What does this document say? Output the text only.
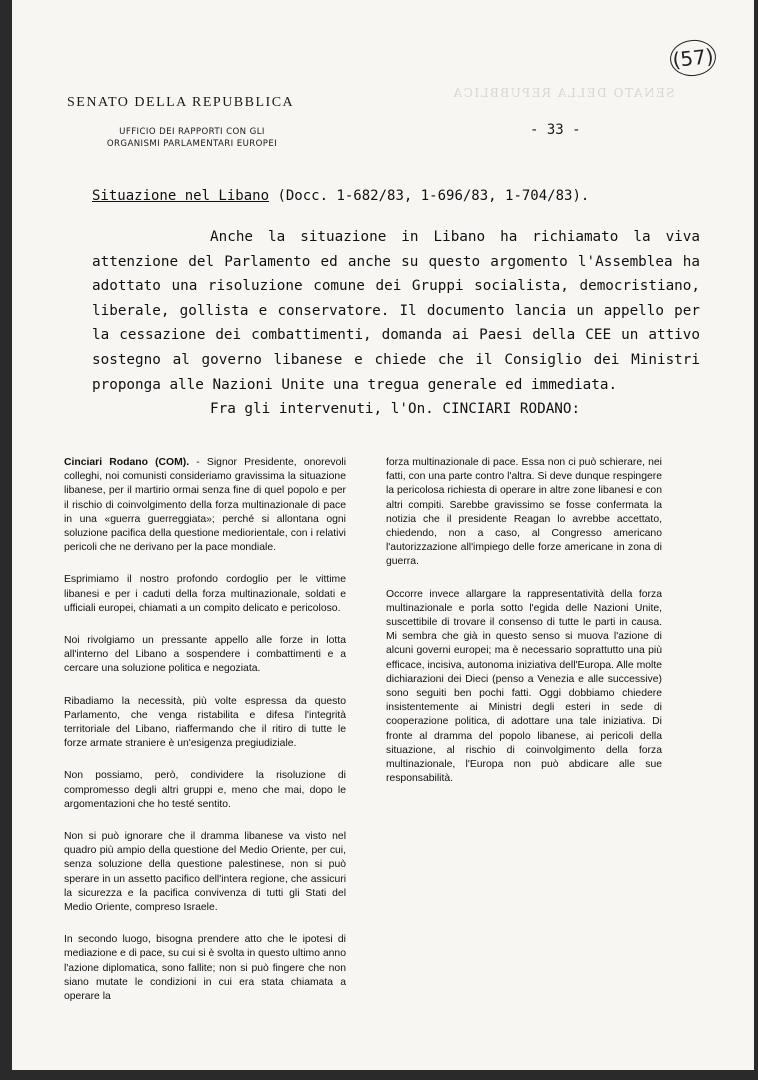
SENATO DELLA REPUBBLICA
(57)
SENATO DELLA REPUBBLICA
UFFICIO DEI RAPPORTI CON GLI
ORGANISMI PARLAMENTARI EUROPEI
- 33 -
Situazione nel Libano (Docc. 1-682/83, 1-696/83, 1-704/83).

Anche la situazione in Libano ha richiamato la viva attenzione del Parlamento ed anche su questo argomento l'Assemblea ha adottato una risoluzione comune dei Gruppi socialista, democristiano, liberale, gollista e conservatore. Il documento lancia un appello per la cessazione dei combattimenti, domanda ai Paesi della CEE un attivo sostegno al governo libanese e chiede che il Consiglio dei Ministri proponga alle Nazioni Unite una tregua generale ed immediata.

Fra gli intervenuti, l'On. CINCIARI RODANO:

Cinciari Rodano (COM). - Signor Presidente, onorevoli colleghi, noi comunisti consideriamo gravissima la situazione libanese, per il martirio ormai senza fine di quel popolo e per il rischio di coinvolgimento della forza multinazionale di pace in una «guerra guerreggiata»; perché si allontana ogni soluzione pacifica della questione mediorientale, con i relativi pericoli che ne derivano per la pace mondiale.

Esprimiamo il nostro profondo cordoglio per le vittime libanesi e per i caduti della forza multinazionale, soldati e ufficiali europei, chiamati a un compito delicato e pericoloso.

Noi rivolgiamo un pressante appello alle forze in lotta all'interno del Libano a sospendere i combattimenti e a cercare una soluzione politica e negoziata.

Ribadiamo la necessità, più volte espressa da questo Parlamento, che venga ristabilita e difesa l'integrità territoriale del Libano, riaffermando che il ritiro di tutte le forze armate straniere è un'esigenza pregiudiziale.

Non possiamo, però, condividere la risoluzione di compromesso degli altri gruppi e, meno che mai, dopo le argomentazioni che ho testé sentito.

Non si può ignorare che il dramma libanese va visto nel quadro più ampio della questione del Medio Oriente, per cui, senza soluzione della questione palestinese, non si può sperare in un assetto pacifico dell'intera regione, che assicuri la sicurezza e la pacifica convivenza di tutti gli Stati del Medio Oriente, compreso Israele.

In secondo luogo, bisogna prendere atto che le ipotesi di mediazione e di pace, su cui si è svolta in questo ultimo anno l'azione diplomatica, sono fallite; non si può fingere che non siano mutate le condizioni in cui era stata chiamata a operare la

forza multinazionale di pace. Essa non ci può schierare, nei fatti, con una parte contro l'altra. Si deve dunque respingere la pericolosa richiesta di operare in altre zone libanesi e con altri compiti. Sarebbe gravissimo se fosse confermata la notizia che il presidente Reagan lo avrebbe accettato, chiedendo, non a caso, al Congresso americano l'autorizzazione all'impiego delle forze americane in zona di guerra.

Occorre invece allargare la rappresentatività della forza multinazionale e porla sotto l'egida delle Nazioni Unite, suscettibile di trovare il consenso di tutte le parti in causa. Mi sembra che già in questo senso si muova l'azione di alcuni governi europei; ma è necessario soprattutto una più efficace, incisiva, autonoma iniziativa dell'Europa. Alle molte dichiarazioni dei Dieci (penso a Venezia e alle successive) sono seguiti ben pochi fatti. Oggi dobbiamo chiedere insistentemente ai Ministri degli esteri in sede di cooperazione politica, di adottare una tale iniziativa. Di fronte al dramma del popolo libanese, ai pericoli della situazione, al rischio di coinvolgimento della forza multinazionale, l'Europa non può abdicare alle sue responsabilità.
